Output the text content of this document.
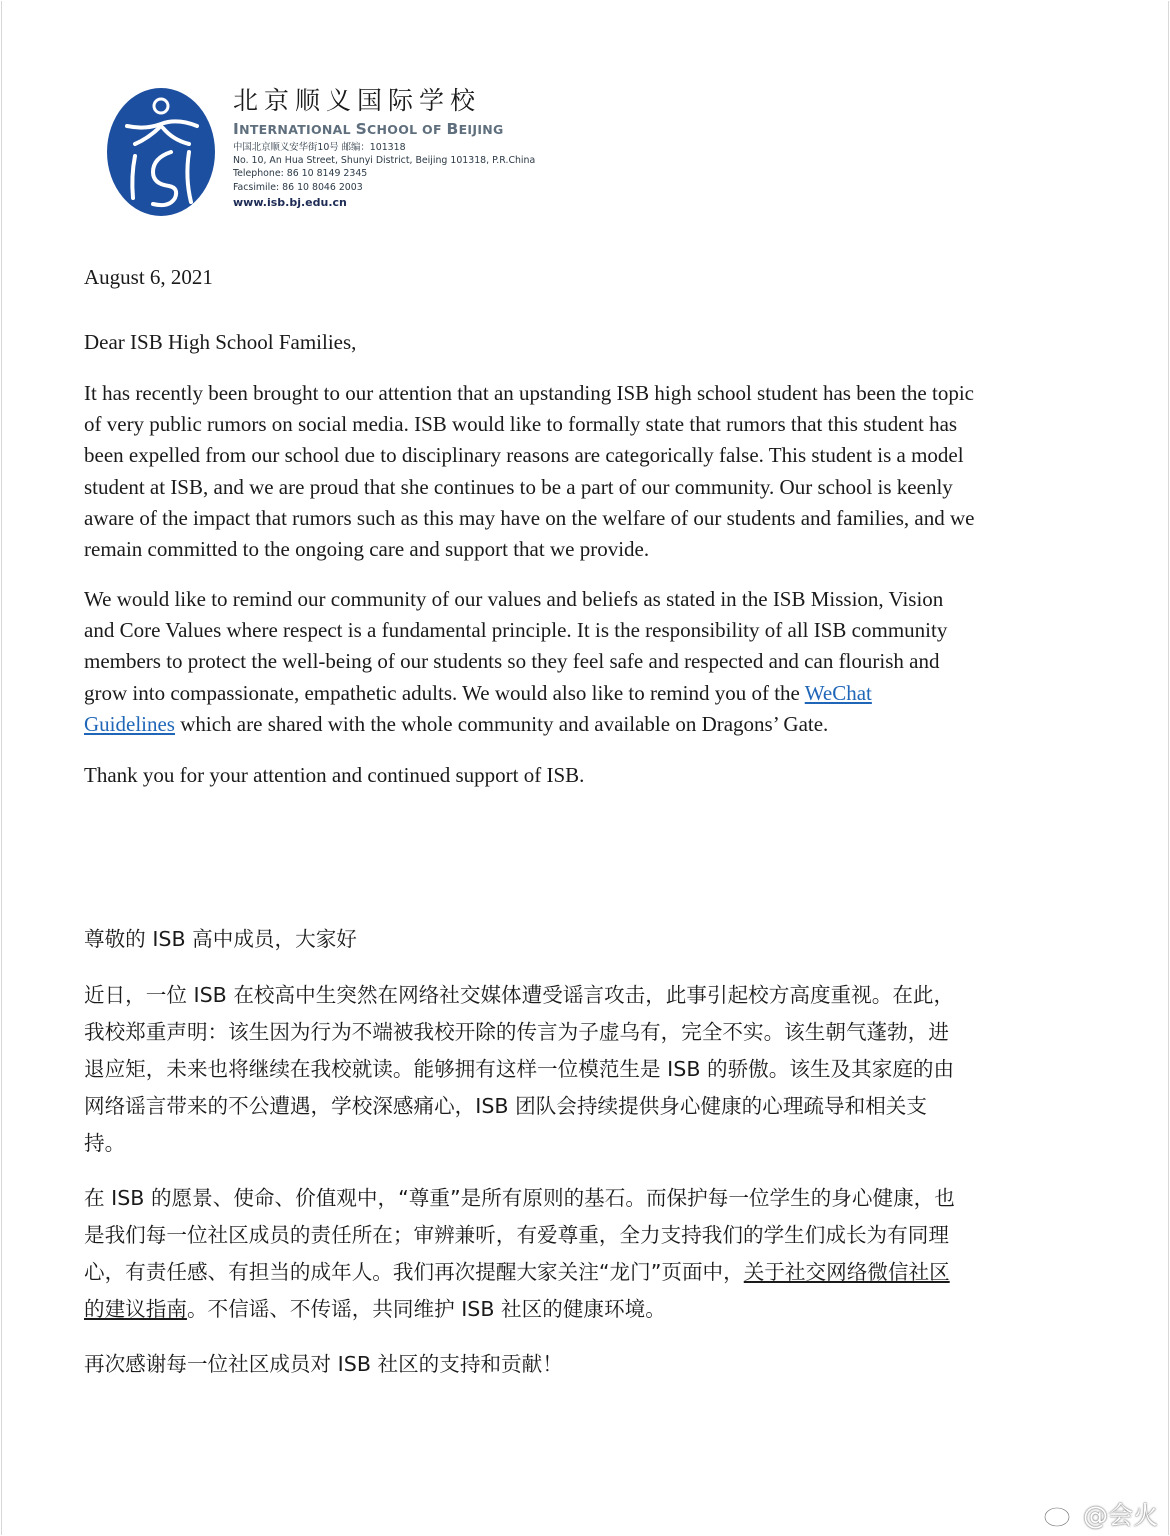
北京顺义国际学校
INTERNATIONAL SCHOOL OF BEIJING
中国北京顺义安华街10号 邮编：101318
No. 10, An Hua Street, Shunyi District, Beijing 101318, P.R.China
Telephone: 86 10 8149 2345
Facsimile: 86 10 8046 2003
www.isb.bj.edu.cn
August 6, 2021
Dear ISB High School Families,
It has recently been brought to our attention that an upstanding ISB high school student has been the topic
of very public rumors on social media. ISB would like to formally state that rumors that this student has
been expelled from our school due to disciplinary reasons are categorically false. This student is a model
student at ISB, and we are proud that she continues to be a part of our community. Our school is keenly
aware of the impact that rumors such as this may have on the welfare of our students and families, and we
remain committed to the ongoing care and support that we provide.
We would like to remind our community of our values and beliefs as stated in the ISB Mission, Vision
and Core Values where respect is a fundamental principle. It is the responsibility of all ISB community
members to protect the well-being of our students so they feel safe and respected and can flourish and
grow into compassionate, empathetic adults. We would also like to remind you of the WeChat
Guidelines which are shared with the whole community and available on Dragons’ Gate.
Thank you for your attention and continued support of ISB.
尊敬的 ISB 高中成员，大家好
近日，一位 ISB 在校高中生突然在网络社交媒体遭受谣言攻击，此事引起校方高度重视。在此，
我校郑重声明：该生因为行为不端被我校开除的传言为子虚乌有，完全不实。该生朝气蓬勃，进
退应矩，未来也将继续在我校就读。能够拥有这样一位模范生是 ISB 的骄傲。该生及其家庭的由
网络谣言带来的不公遭遇，学校深感痛心，ISB 团队会持续提供身心健康的心理疏导和相关支
持。
在 ISB 的愿景、使命、价值观中，“尊重”是所有原则的基石。而保护每一位学生的身心健康，也
是我们每一位社区成员的责任所在；审辨兼听，有爱尊重，全力支持我们的学生们成长为有同理
心，有责任感、有担当的成年人。我们再次提醒大家关注“龙门”页面中，关于社交网络微信社区
的建议指南。不信谣、不传谣，共同维护 ISB 社区的健康环境。
再次感谢每一位社区成员对 ISB 社区的支持和贡献！
@会火
